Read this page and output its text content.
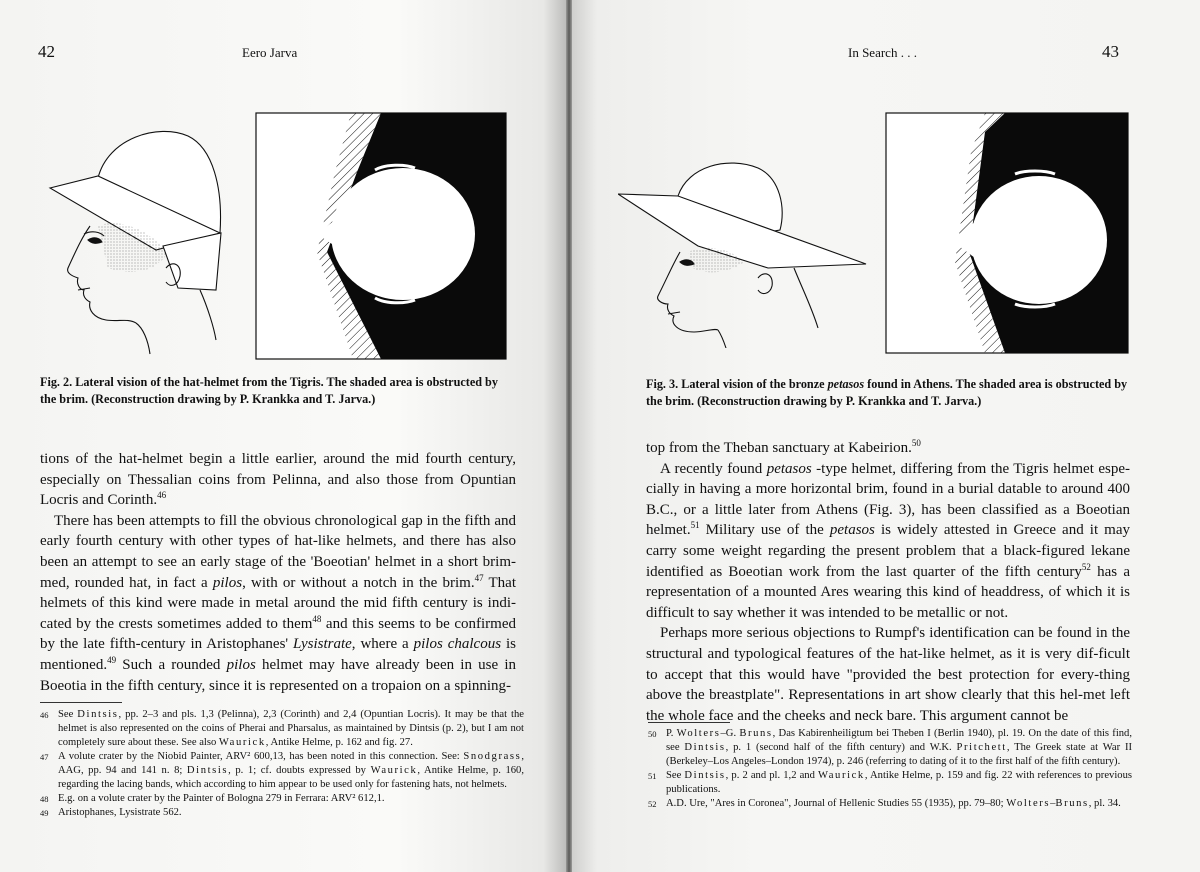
42	Eero Jarva
Fig. 2. Lateral vision of the hat-helmet from the Tigris. The shaded area is obstructed by the brim. (Reconstruction drawing by P. Krankka and T. Jarva.)

tions of the hat-helmet begin a little earlier, around the mid fourth century, especially on Thessalian coins from Pelinna, and also those from Opuntian Locris and Corinth.$^{46}$

There has been attempts to fill the obvious chronological gap in the fifth and early fourth century with other types of hat-like helmets, and there has also been an attempt to see an early stage of the 'Boeotian' helmet in a short brim-med, rounded hat, in fact a pilos, with or without a notch in the brim.$^{47}$ That helmets of this kind were made in metal around the mid fifth century is indi-cated by the crests sometimes added to them$^{48}$ and this seems to be confirmed by the late fifth-century in Aristophanes' Lysistrate, where a pilos chalcous is mentioned.$^{49}$ Such a rounded pilos helmet may have already been in use in Boeotia in the fifth century, since it is represented on a tropaion on a spinning-

46 See Dintsis, pp. 2–3 and pls. 1,3 (Pelinna), 2,3 (Corinth) and 2,4 (Opuntian Locris). It may be that the helmet is also represented on the coins of Pherai and Pharsalus, as maintained by Dintsis (p. 2), but I am not completely sure about these. See also Waurick, Antike Helme, p. 162 and fig. 27.
47 A volute crater by the Niobid Painter, ARV² 600,13, has been noted in this connection. See: Snodgrass, AAG, pp. 94 and 141 n. 8; Dintsis, p. 1; cf. doubts expressed by Waurick, Antike Helme, p. 160, regarding the lacing bands, which according to him appear to be used only for fastening hats, not helmets.
48 E.g. on a volute crater by the Painter of Bologna 279 in Ferrara: ARV² 612,1.
49 Aristophanes, Lysistrate 562.
In Search . . .	43
Fig. 3. Lateral vision of the bronze petasos found in Athens. The shaded area is obstructed by the brim. (Reconstruction drawing by P. Krankka and T. Jarva.)

top from the Theban sanctuary at Kabeirion.$^{50}$

A recently found petasos -type helmet, differing from the Tigris helmet espe-cially in having a more horizontal brim, found in a burial datable to around 400 B.C., or a little later from Athens (Fig. 3), has been classified as a Boeotian helmet.$^{51}$ Military use of the petasos is widely attested in Greece and it may carry some weight regarding the present problem that a black-figured lekane identified as Boeotian work from the last quarter of the fifth century$^{52}$ has a representation of a mounted Ares wearing this kind of headdress, of which it is difficult to say whether it was intended to be metallic or not.

Perhaps more serious objections to Rumpf's identification can be found in the structural and typological features of the hat-like helmet, as it is very dif-ficult to accept that this would have "provided the best protection for every-thing above the breastplate". Representations in art show clearly that this hel-met left the whole face and the cheeks and neck bare. This argument cannot be

50 P. Wolters–G. Bruns, Das Kabirenheiligtum bei Theben I (Berlin 1940), pl. 19. On the date of this find, see Dintsis, p. 1 (second half of the fifth century) and W.K. Pritchett, The Greek state at War II (Berkeley–Los Angeles–London 1974), p. 246 (referring to dating of it to the first half of the fifth century).
51 See Dintsis, p. 2 and pl. 1,2 and Waurick, Antike Helme, p. 159 and fig. 22 with references to previous publications.
52 A.D. Ure, "Ares in Coronea", Journal of Hellenic Studies 55 (1935), pp. 79–80; Wolters–Bruns, pl. 34.
